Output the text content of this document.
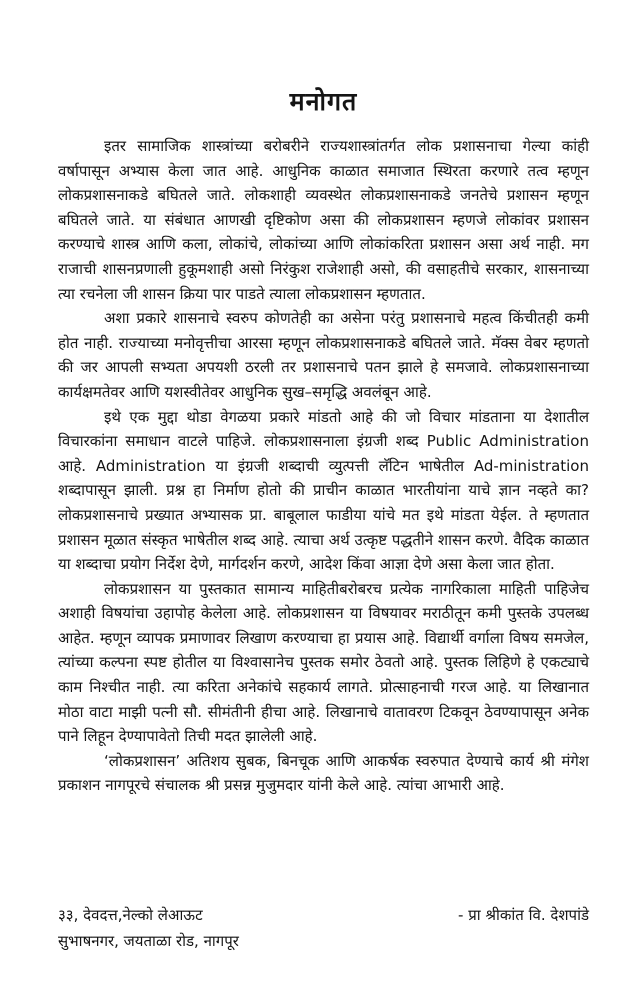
मनोगत

इतर सामाजिक शास्त्रांच्या बरोबरीने राज्यशास्त्रांतर्गत लोक प्रशासनाचा गेल्या कांही वर्षापासून अभ्यास केला जात आहे. आधुनिक काळात समाजात स्थिरता करणारे तत्व म्हणून लोकप्रशासनाकडे बघितले जाते. लोकशाही व्यवस्थेत लोकप्रशासनाकडे जनतेचे प्रशासन म्हणून बघितले जाते. या संबंधात आणखी दृष्टिकोण असा की लोकप्रशासन म्हणजे लोकांवर प्रशासन करण्याचे शास्त्र आणि कला, लोकांचे, लोकांच्या आणि लोकांकरिता प्रशासन असा अर्थ नाही. मग राजाची शासनप्रणाली हुकूमशाही असो निरंकुश राजेशाही असो, की वसाहतीचे सरकार, शासनाच्या त्या रचनेला जी शासन क्रिया पार पाडते त्याला लोकप्रशासन म्हणतात.

अशा प्रकारे शासनाचे स्वरुप कोणतेही का असेना परंतु प्रशासनाचे महत्व किंचीतही कमी होत नाही. राज्याच्या मनोवृत्तीचा आरसा म्हणून लोकप्रशासनाकडे बघितले जाते. मॅक्स वेबर म्हणतो की जर आपली सभ्यता अपयशी ठरली तर प्रशासनाचे पतन झाले हे समजावे. लोकप्रशासनाच्या कार्यक्षमतेवर आणि यशस्वीतेवर आधुनिक सुख–समृद्धि अवलंबून आहे.

इथे एक मुद्दा थोडा वेगळया प्रकारे मांडतो आहे की जो विचार मांडताना या देशातील विचारकांना समाधान वाटले पाहिजे. लोकप्रशासनाला इंग्रजी शब्द Public Administration आहे. Administration या इंग्रजी शब्दाची व्युत्पत्ती लॅटिन भाषेतील Ad-ministration शब्दापासून झाली. प्रश्न हा निर्माण होतो की प्राचीन काळात भारतीयांना याचे ज्ञान नव्हते का? लोकप्रशासनाचे प्रख्यात अभ्यासक प्रा. बाबूलाल फाडीया यांचे मत इथे मांडता येईल. ते म्हणतात प्रशासन मूळात संस्कृत भाषेतील शब्द आहे. त्याचा अर्थ उत्कृष्ट पद्धतीने शासन करणे. वैदिक काळात या शब्दाचा प्रयोग निर्देश देणे, मार्गदर्शन करणे, आदेश किंवा आज्ञा देणे असा केला जात होता.

लोकप्रशासन या पुस्तकात सामान्य माहितीबरोबरच प्रत्येक नागरिकाला माहिती पाहिजेच अशाही विषयांचा उहापोह केलेला आहे. लोकप्रशासन या विषयावर मराठीतून कमी पुस्तके उपलब्ध आहेत. म्हणून व्यापक प्रमाणावर लिखाण करण्याचा हा प्रयास आहे. विद्यार्थी वर्गाला विषय समजेल, त्यांच्या कल्पना स्पष्ट होतील या विश्वासानेच पुस्तक समोर ठेवतो आहे. पुस्तक लिहिणे हे एकट्याचे काम निश्चीत नाही. त्या करिता अनेकांचे सहकार्य लागते. प्रोत्साहनाची गरज आहे. या लिखानात मोठा वाटा माझी पत्नी सौ. सीमंतीनी हीचा आहे. लिखानाचे वातावरण टिकवून ठेवण्यापासून अनेक पाने लिहून देण्यापावेतो तिची मदत झालेली आहे.

‘लोकप्रशासन’ अतिशय सुबक, बिनचूक आणि आकर्षक स्वरुपात देण्याचे कार्य श्री मंगेश प्रकाशन नागपूरचे संचालक श्री प्रसन्न मुजुमदार यांनी केले आहे. त्यांचा आभारी आहे.

३३, देवदत्त,नेल्को लेआऊट	- प्रा श्रीकांत वि. देशपांडे
सुभाषनगर, जयताळा रोड, नागपूर
